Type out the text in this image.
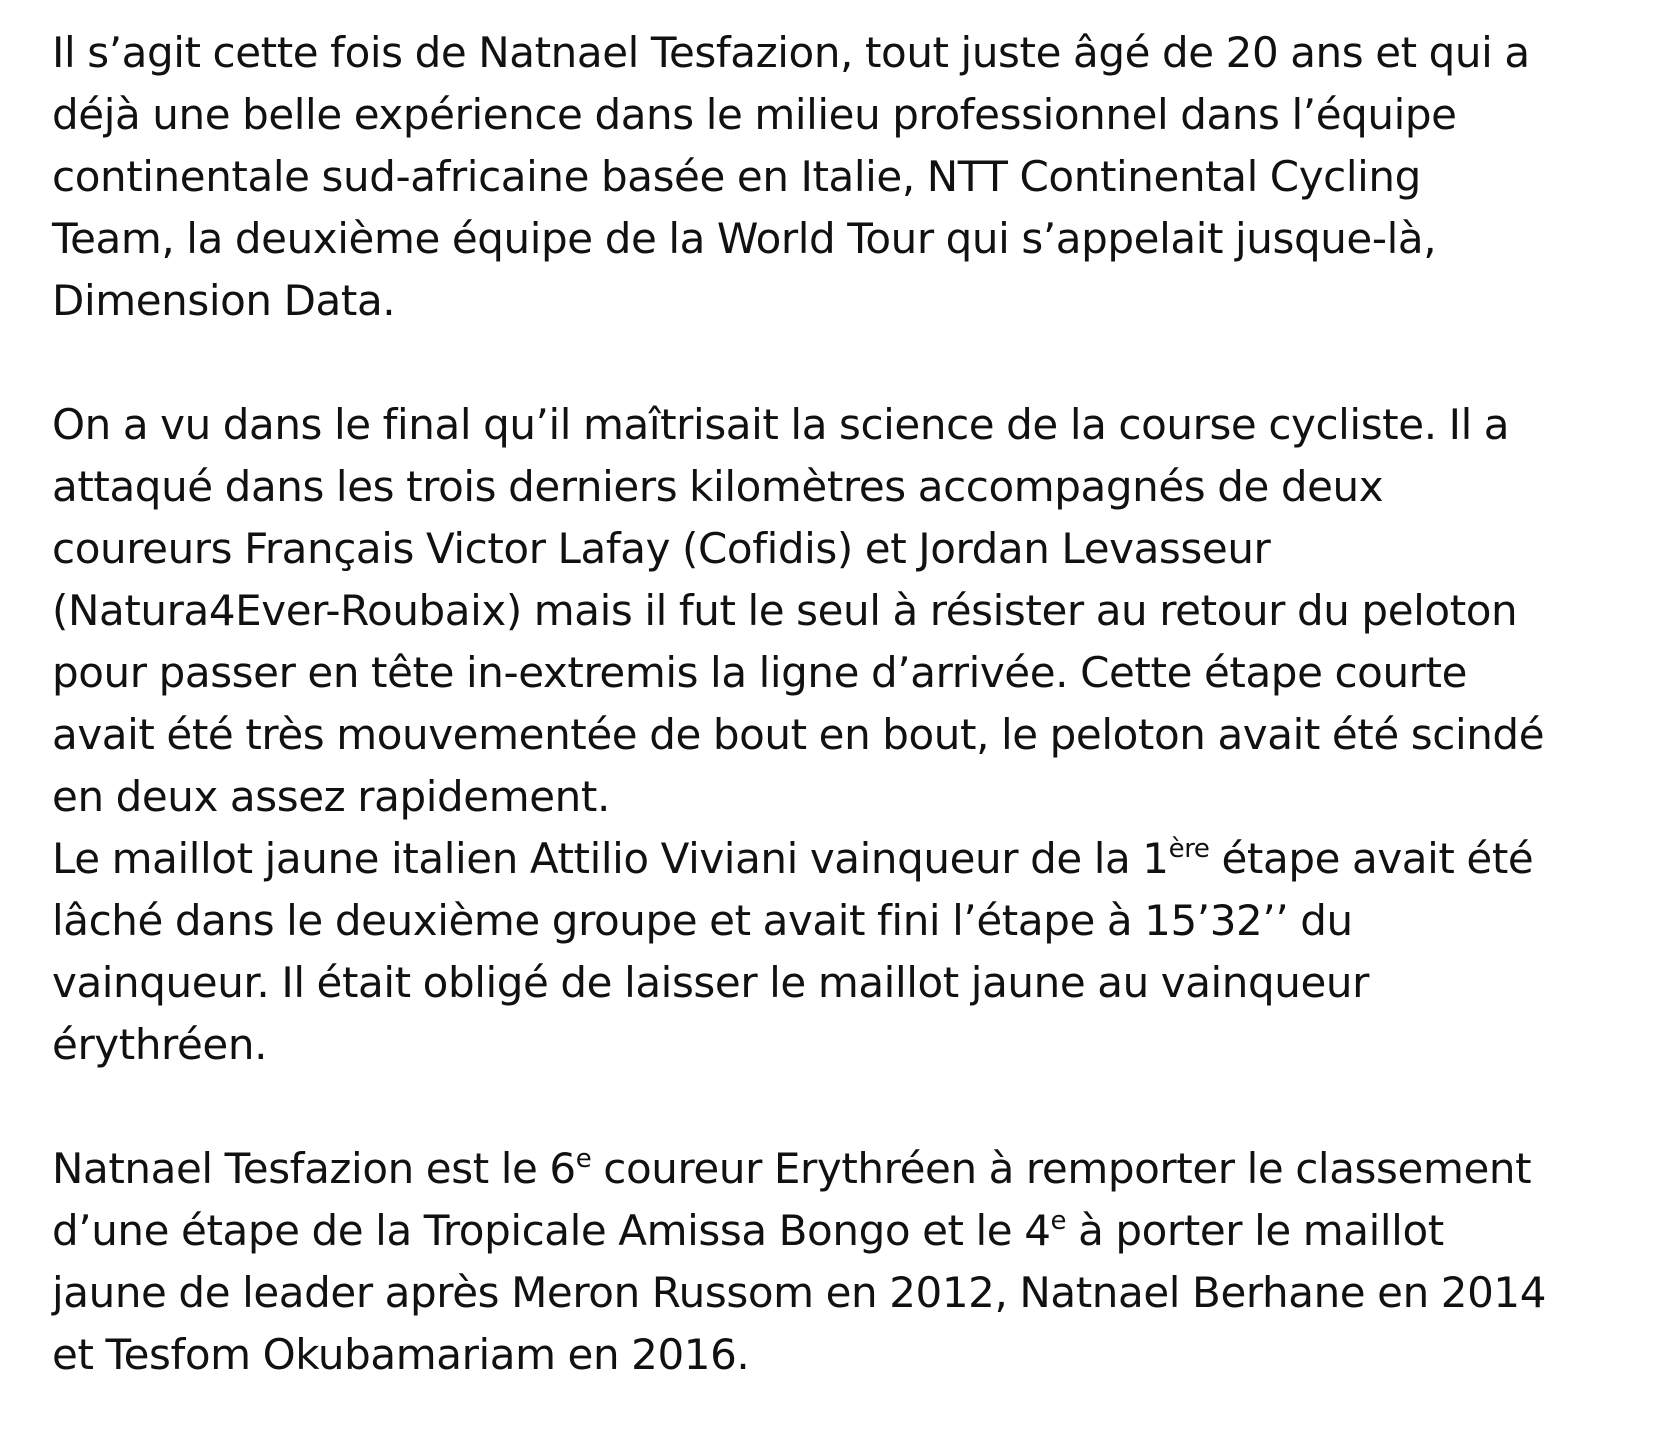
Il s’agit cette fois de Natnael Tesfazion, tout juste âgé de 20 ans et qui a
déjà une belle expérience dans le milieu professionnel dans l’équipe
continentale sud-africaine basée en Italie, NTT Continental Cycling
Team, la deuxième équipe de la World Tour qui s’appelait jusque-là,
Dimension Data.

On a vu dans le final qu’il maîtrisait la science de la course cycliste. Il a
attaqué dans les trois derniers kilomètres accompagnés de deux
coureurs Français Victor Lafay (Cofidis) et Jordan Levasseur
(Natura4Ever-Roubaix) mais il fut le seul à résister au retour du peloton
pour passer en tête in-extremis la ligne d’arrivée. Cette étape courte
avait été très mouvementée de bout en bout, le peloton avait été scindé
en deux assez rapidement.

Le maillot jaune italien Attilio Viviani vainqueur de la 1ère étape avait été
lâché dans le deuxième groupe et avait fini l’étape à 15’32’’ du
vainqueur. Il était obligé de laisser le maillot jaune au vainqueur
érythréen.

Natnael Tesfazion est le 6e coureur Erythréen à remporter le classement
d’une étape de la Tropicale Amissa Bongo et le 4e à porter le maillot
jaune de leader après Meron Russom en 2012, Natnael Berhane en 2014
et Tesfom Okubamariam en 2016.
